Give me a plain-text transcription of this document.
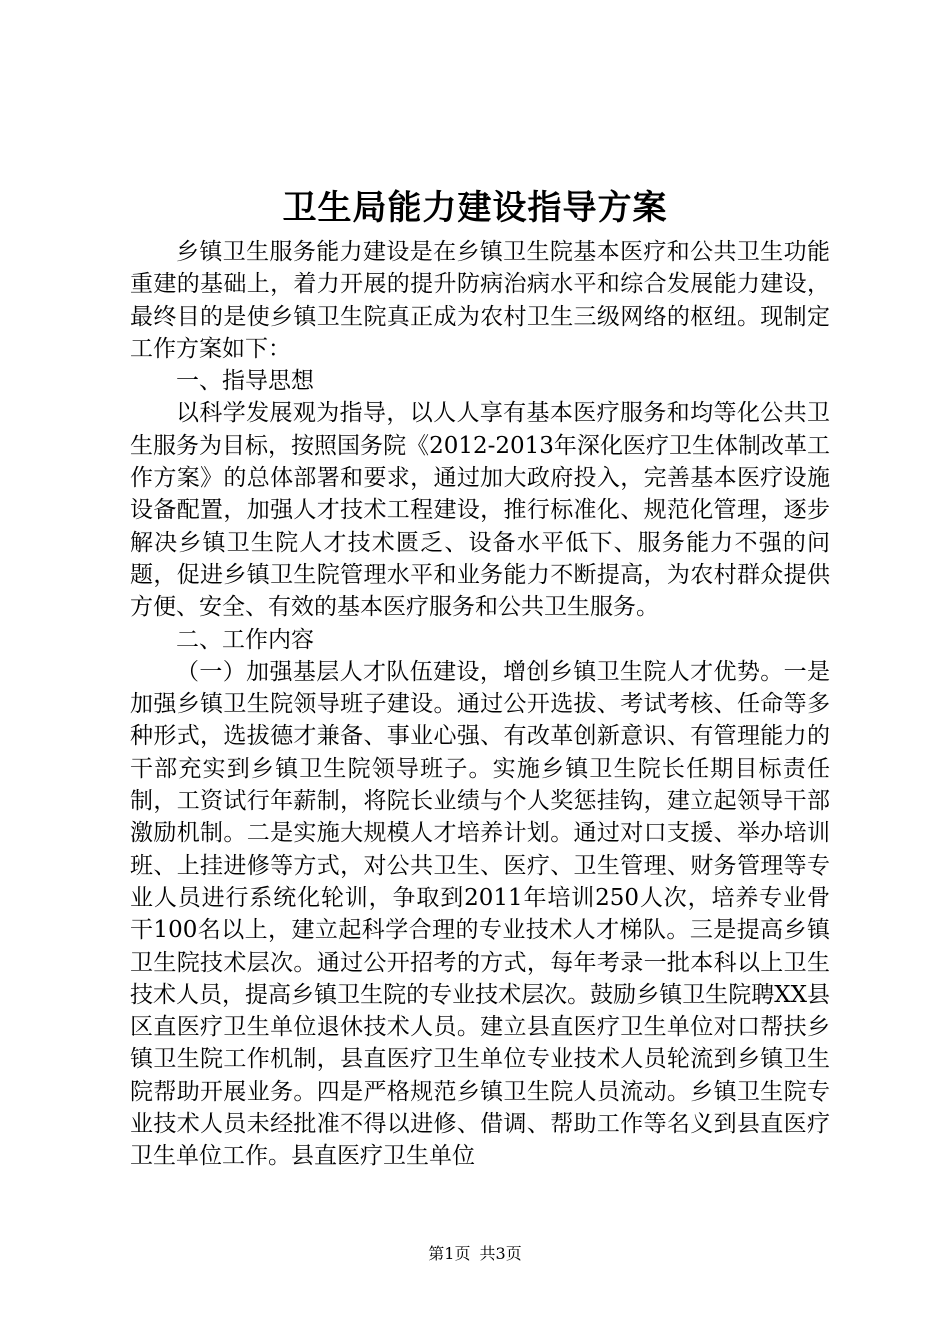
卫生局能力建设指导方案

乡镇卫生服务能力建设是在乡镇卫生院基本医疗和公共卫生功能重建的基础上，着力开展的提升防病治病水平和综合发展能力建设，最终目的是使乡镇卫生院真正成为农村卫生三级网络的枢纽。现制定工作方案如下：

一、指导思想

以科学发展观为指导，以人人享有基本医疗服务和均等化公共卫生服务为目标，按照国务院《2012-2013年深化医疗卫生体制改革工作方案》的总体部署和要求，通过加大政府投入，完善基本医疗设施设备配置，加强人才技术工程建设，推行标准化、规范化管理，逐步解决乡镇卫生院人才技术匮乏、设备水平低下、服务能力不强的问题，促进乡镇卫生院管理水平和业务能力不断提高，为农村群众提供方便、安全、有效的基本医疗服务和公共卫生服务。

二、工作内容

（一）加强基层人才队伍建设，增创乡镇卫生院人才优势。一是加强乡镇卫生院领导班子建设。通过公开选拔、考试考核、任命等多种形式，选拔德才兼备、事业心强、有改革创新意识、有管理能力的干部充实到乡镇卫生院领导班子。实施乡镇卫生院长任期目标责任制，工资试行年薪制，将院长业绩与个人奖惩挂钩，建立起领导干部激励机制。二是实施大规模人才培养计划。通过对口支援、举办培训班、上挂进修等方式，对公共卫生、医疗、卫生管理、财务管理等专业人员进行系统化轮训，争取到2011年培训250人次，培养专业骨干100名以上，建立起科学合理的专业技术人才梯队。三是提高乡镇卫生院技术层次。通过公开招考的方式，每年考录一批本科以上卫生技术人员，提高乡镇卫生院的专业技术层次。鼓励乡镇卫生院聘XX县区直医疗卫生单位退休技术人员。建立县直医疗卫生单位对口帮扶乡镇卫生院工作机制，县直医疗卫生单位专业技术人员轮流到乡镇卫生院帮助开展业务。四是严格规范乡镇卫生院人员流动。乡镇卫生院专业技术人员未经批准不得以进修、借调、帮助工作等名义到县直医疗卫生单位工作。县直医疗卫生单位

第1页 共3页
